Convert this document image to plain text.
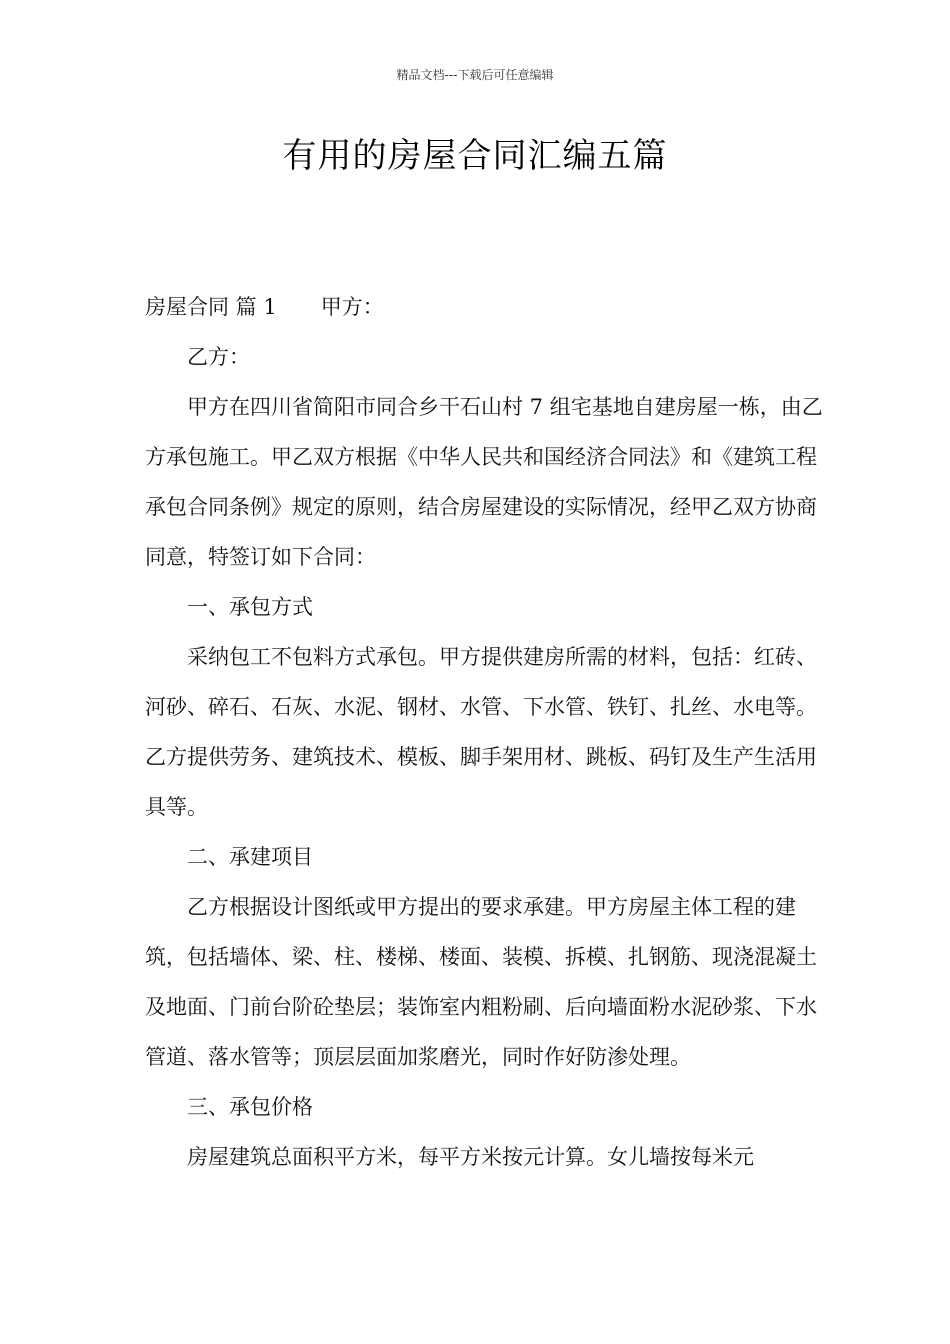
精品文档---下载后可任意编辑
有用的房屋合同汇编五篇

房屋合同 篇 1 甲方：

乙方：

甲方在四川省简阳市同合乡干石山村 7 组宅基地自建房屋一栋，由乙方承包施工。甲乙双方根据《中华人民共和国经济合同法》和《建筑工程承包合同条例》规定的原则，结合房屋建设的实际情况，经甲乙双方协商同意，特签订如下合同：

一、承包方式

采纳包工不包料方式承包。甲方提供建房所需的材料，包括：红砖、河砂、碎石、石灰、水泥、钢材、水管、下水管、铁钉、扎丝、水电等。乙方提供劳务、建筑技术、模板、脚手架用材、跳板、码钉及生产生活用具等。

二、承建项目

乙方根据设计图纸或甲方提出的要求承建。甲方房屋主体工程的建筑，包括墙体、梁、柱、楼梯、楼面、装模、拆模、扎钢筋、现浇混凝土及地面、门前台阶砼垫层；装饰室内粗粉刷、后向墙面粉水泥砂浆、下水管道、落水管等；顶层层面加浆磨光，同时作好防渗处理。

三、承包价格

房屋建筑总面积平方米，每平方米按元计算。女儿墙按每米元
